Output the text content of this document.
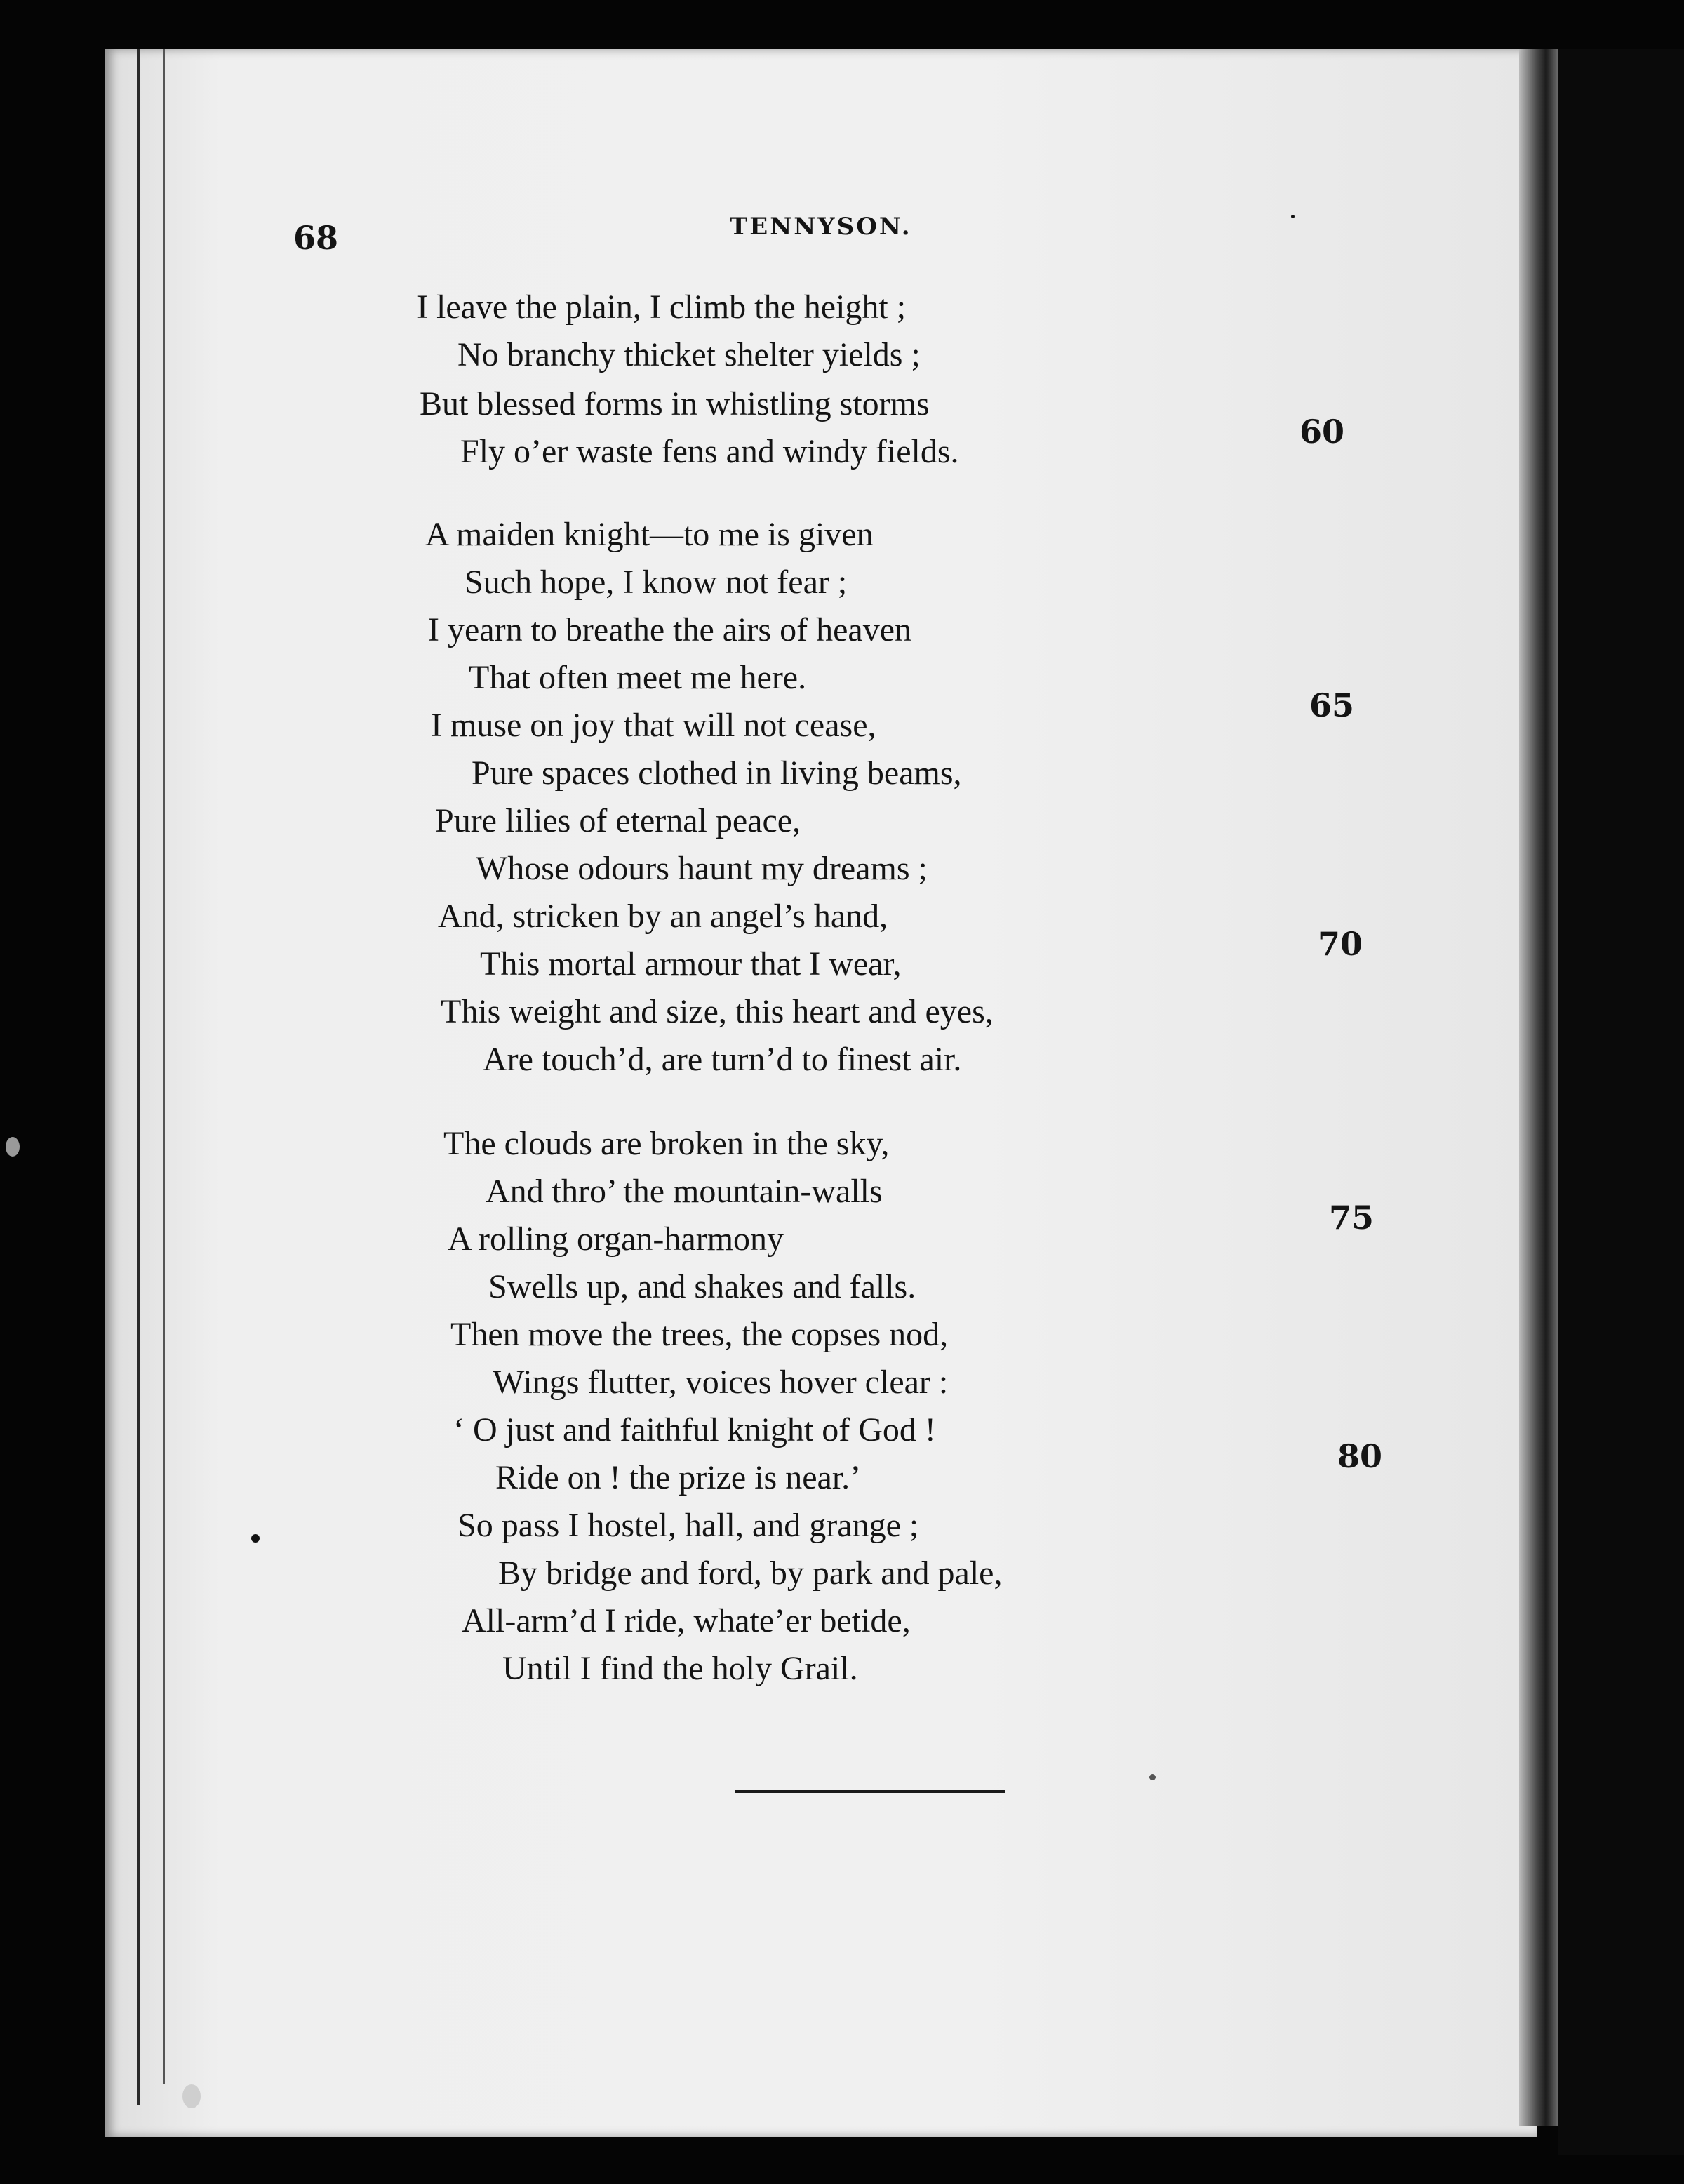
68	TENNYSON.
I leave the plain, I climb the height ;
No branchy thicket shelter yields ;
But blessed forms in whistling storms
Fly o’er waste fens and windy fields.
A maiden knight—to me is given
Such hope, I know not fear ;
I yearn to breathe the airs of heaven
That often meet me here.
I muse on joy that will not cease,
Pure spaces clothed in living beams,
Pure lilies of eternal peace,
Whose odours haunt my dreams ;
And, stricken by an angel’s hand,
This mortal armour that I wear,
This weight and size, this heart and eyes,
Are touch’d, are turn’d to finest air.
The clouds are broken in the sky,
And thro’ the mountain-walls
A rolling organ-harmony
Swells up, and shakes and falls.
Then move the trees, the copses nod,
Wings flutter, voices hover clear :
‘ O just and faithful knight of God !
Ride on ! the prize is near.’
So pass I hostel, hall, and grange ;
By bridge and ford, by park and pale,
All-arm’d I ride, whate’er betide,
Until I find the holy Grail.
60
65
70
75
80
